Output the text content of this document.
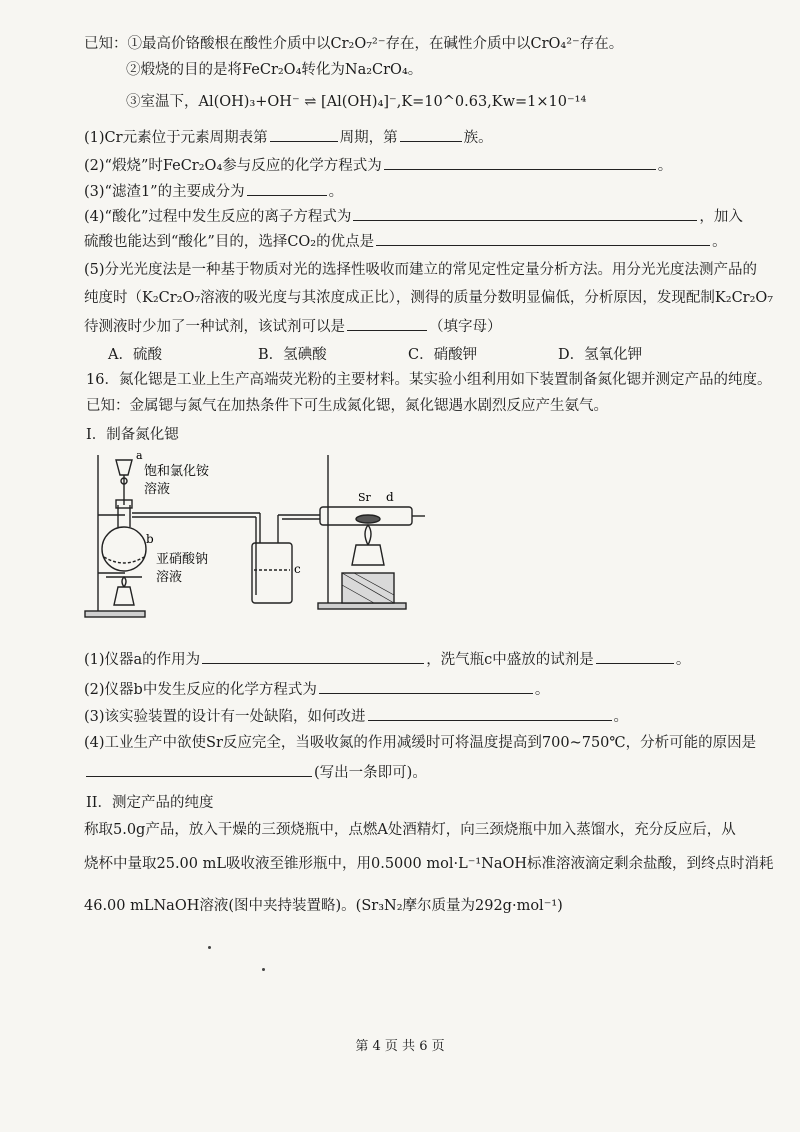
已知：①最高价铬酸根在酸性介质中以Cr₂O₇²⁻存在，在碱性介质中以CrO₄²⁻存在。
②煅烧的目的是将FeCr₂O₄转化为Na₂CrO₄。
③室温下，Al(OH)₃+OH⁻ ⇌ [Al(OH)₄]⁻,K=10^0.63,Kw=1×10⁻¹⁴
(1)Cr元素位于元素周期表第	周期，第	族。
(2)“煅烧”时FeCr₂O₄参与反应的化学方程式为	。
(3)“滤渣1”的主要成分为	。
(4)“酸化”过程中发生反应的离子方程式为	，加入
硫酸也能达到“酸化”目的，选择CO₂的优点是	。
(5)分光光度法是一种基于物质对光的选择性吸收而建立的常见定性定量分析方法。用分光光度法测产品的
纯度时（K₂Cr₂O₇溶液的吸光度与其浓度成正比），测得的质量分数明显偏低，分析原因，发现配制K₂Cr₂O₇
待测液时少加了一种试剂，该试剂可以是	（填字母）
A．硫酸	B．氢碘酸	C．硝酸钾	D．氢氧化钾
16．氮化锶是工业上生产高端荧光粉的主要材料。某实验小组利用如下装置制备氮化锶并测定产品的纯度。
已知：金属锶与氮气在加热条件下可生成氮化锶，氮化锶遇水剧烈反应产生氨气。
I．制备氮化锶
a
b
c
d
Sr
饱和氯化铵
溶液
亚硝酸钠
溶液
(1)仪器a的作用为	，洗气瓶c中盛放的试剂是	。
(2)仪器b中发生反应的化学方程式为	。
(3)该实验装置的设计有一处缺陷，如何改进	。
(4)工业生产中欲使Sr反应完全，当吸收氮的作用减缓时可将温度提高到700~750℃，分析可能的原因是
(写出一条即可)。
II．测定产品的纯度
称取5.0g产品，放入干燥的三颈烧瓶中，点燃A处酒精灯，向三颈烧瓶中加入蒸馏水，充分反应后，从
烧杯中量取25.00 mL吸收液至锥形瓶中，用0.5000 mol·L⁻¹NaOH标准溶液滴定剩余盐酸，到终点时消耗
46.00 mLNaOH溶液(图中夹持装置略)。(Sr₃N₂摩尔质量为292g·mol⁻¹)
第 4 页 共 6 页
